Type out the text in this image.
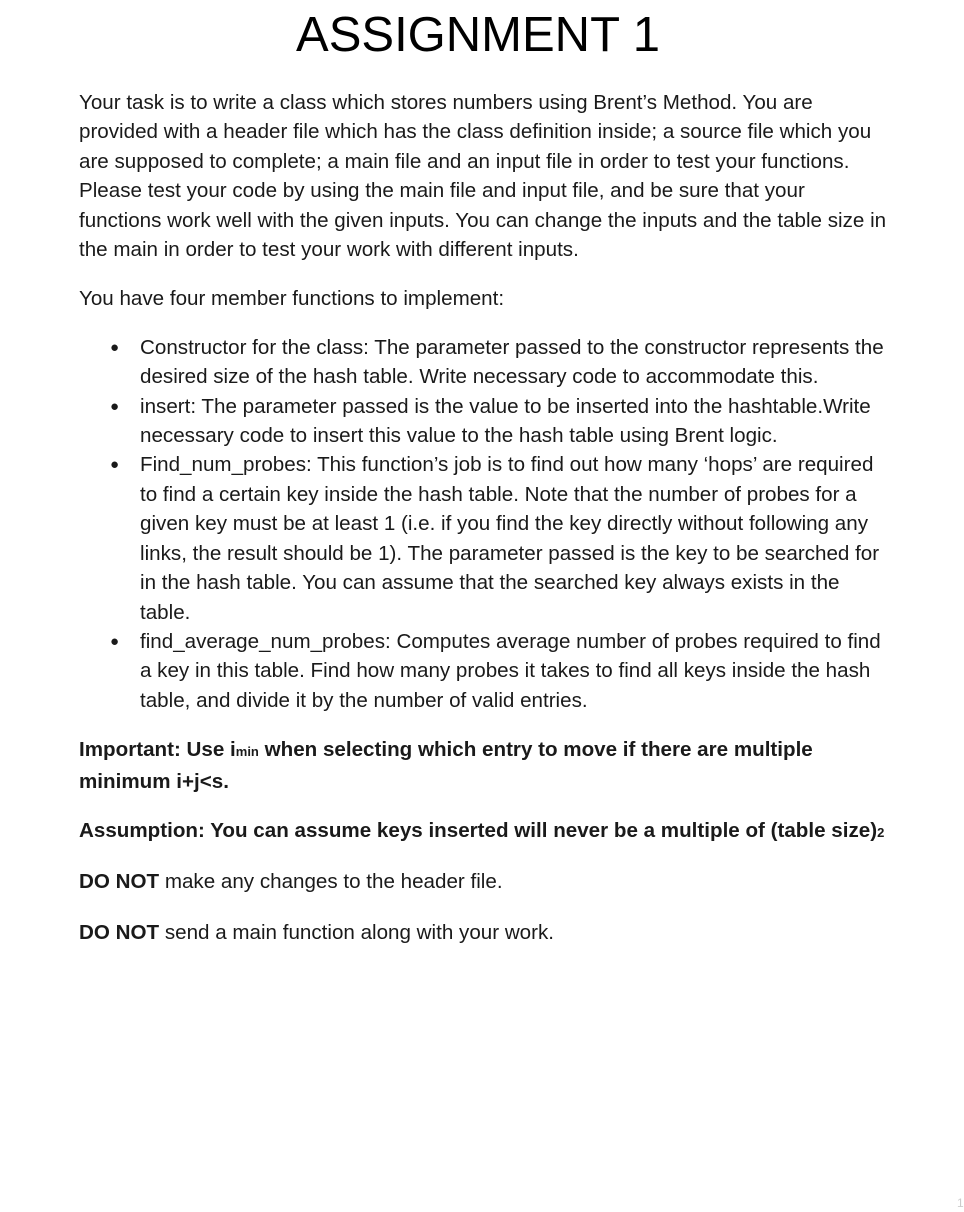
ASSIGNMENT 1

Your task is to write a class which stores numbers using Brent’s Method. You are provided with a header file which has the class definition inside; a source file which you are supposed to complete; a main file and an input file in order to test your functions. Please test your code by using the main file and input file, and be sure that your functions work well with the given inputs. You can change the inputs and the table size in the main in order to test your work with different inputs.

You have four member functions to implement:

● Constructor for the class: The parameter passed to the constructor represents the desired size of the hash table. Write necessary code to accommodate this.
● insert: The parameter passed is the value to be inserted into the hashtable.Write necessary code to insert this value to the hash table using Brent logic.
● Find_num_probes: This function’s job is to find out how many ‘hops’ are required to find a certain key inside the hash table. Note that the number of probes for a given key must be at least 1 (i.e. if you find the key directly without following any links, the result should be 1). The parameter passed is the key to be searched for in the hash table. You can assume that the searched key always exists in the table.
● find_average_num_probes: Computes average number of probes required to find a key in this table. Find how many probes it takes to find all keys inside the hash table, and divide it by the number of valid entries.

Important: Use imin when selecting which entry to move if there are multiple minimum i+j<s.

Assumption: You can assume keys inserted will never be a multiple of (table size)2

DO NOT make any changes to the header file.

DO NOT send a main function along with your work.

1
